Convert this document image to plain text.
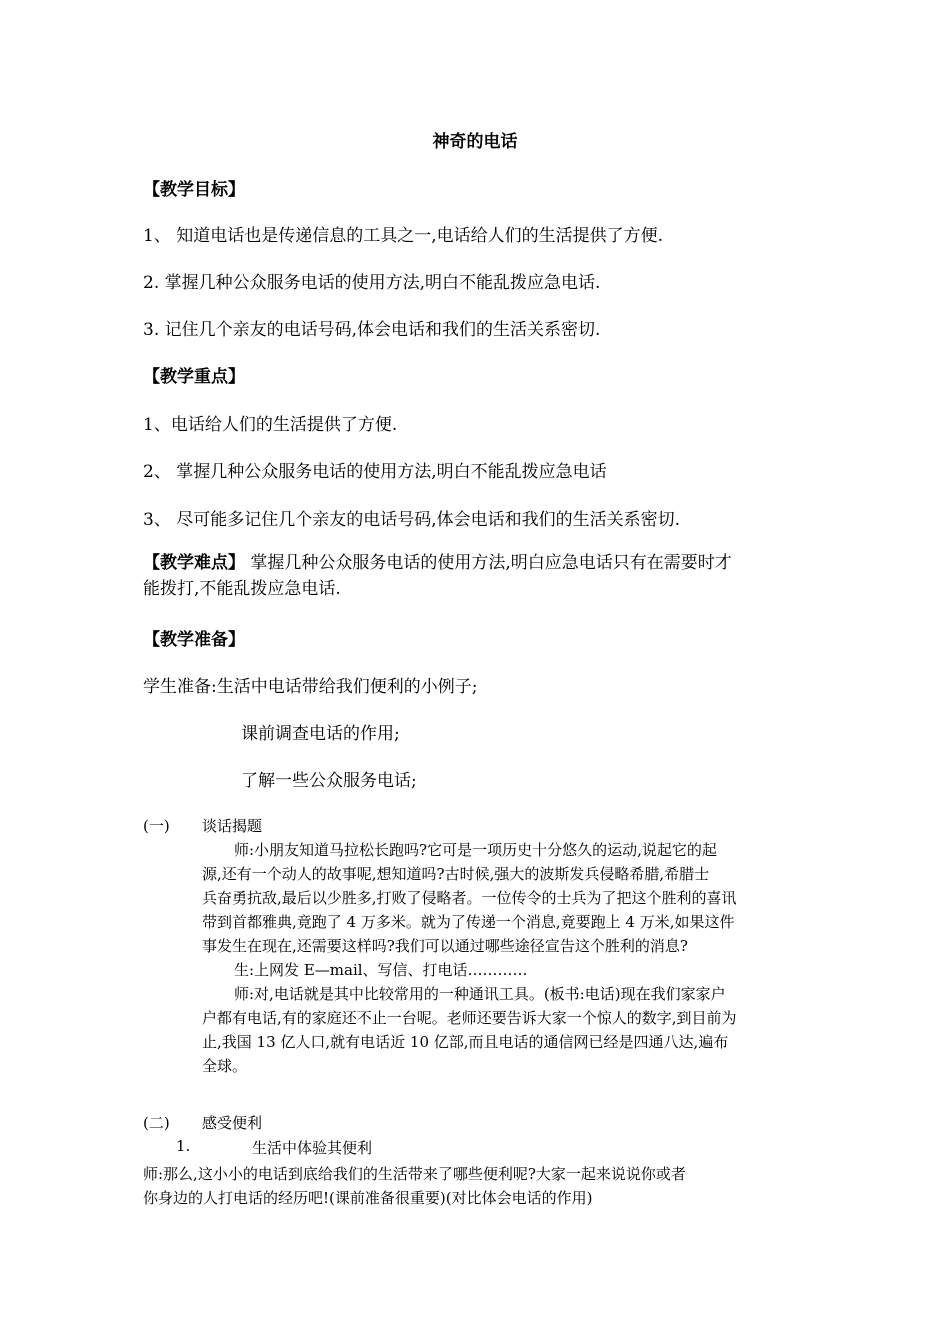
神奇的电话
【教学目标】
1、 知道电话也是传递信息的工具之一,电话给人们的生活提供了方便.
2. 掌握几种公众服务电话的使用方法,明白不能乱拨应急电话.
3. 记住几个亲友的电话号码,体会电话和我们的生活关系密切.
【教学重点】
1、电话给人们的生活提供了方便.
2、 掌握几种公众服务电话的使用方法,明白不能乱拨应急电话
3、 尽可能多记住几个亲友的电话号码,体会电话和我们的生活关系密切.
【教学难点】 掌握几种公众服务电话的使用方法,明白应急电话只有在需要时才
能拨打,不能乱拨应急电话.
【教学准备】
学生准备:生活中电话带给我们便利的小例子;
课前调查电话的作用;
了解一些公众服务电话;
(一) 谈话揭题
师:小朋友知道马拉松长跑吗?它可是一项历史十分悠久的运动,说起它的起
源,还有一个动人的故事呢,想知道吗?古时候,强大的波斯发兵侵略希腊,希腊士
兵奋勇抗敌,最后以少胜多,打败了侵略者。一位传令的士兵为了把这个胜利的喜讯
带到首都雅典,竟跑了 4 万多米。就为了传递一个消息,竟要跑上 4 万米,如果这件
事发生在现在,还需要这样吗?我们可以通过哪些途径宣告这个胜利的消息?
生:上网发 E—mail、写信、打电话…………
师:对,电话就是其中比较常用的一种通讯工具。(板书:电话)现在我们家家户
户都有电话,有的家庭还不止一台呢。老师还要告诉大家一个惊人的数字,到目前为
止,我国 13 亿人口,就有电话近 10 亿部,而且电话的通信网已经是四通八达,遍布
全球。
(二) 感受便利
1.	生活中体验其便利
师:那么,这小小的电话到底给我们的生活带来了哪些便利呢?大家一起来说说你或者
你身边的人打电话的经历吧!(课前准备很重要)(对比体会电话的作用)
